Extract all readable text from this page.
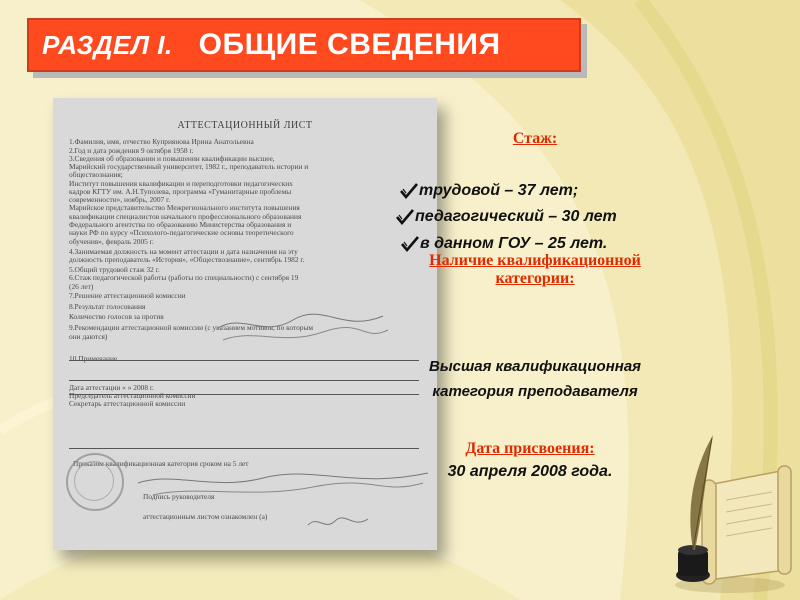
РАЗДЕЛ I. ОБЩИЕ СВЕДЕНИЯ
АТТЕСТАЦИОННЫЙ ЛИСТ
1.Фамилия, имя, отчество Куприянова Ирина Анатольевна
2.Год и дата рождения 9 октября 1958 г.
3.Сведения об образовании и повышении квалификации высшее,
Марийский государственный университет, 1982 г., преподаватель истории и
обществознания;
Институт повышения квалификации и переподготовки педагогических
кадров КГТУ им. А.Н.Туполева, программа «Гуманитарные проблемы
современности», ноябрь, 2007 г.
Марийское представительство Межрегионального института повышения
квалификации специалистов начального профессионального образования
Федерального агентства по образованию Министерства образования и
науки РФ по курсу «Психолого-педагогические основы теоретического
обучения», февраль 2005 г.
4.Занимаемая должность на момент аттестации и дата назначения на эту
должность преподаватель «История», «Обществознание», сентябрь 1982 г.
5.Общий трудовой стаж 32 г.
6.Стаж педагогической работы (работы по специальности) с сентября 19
(26 лет)
7.Решение аттестационной комиссии
8.Результат голосования
Количество голосов за против
9.Рекомендации аттестационной комиссии (с указанием мотивов, по которым
они даются)
10.Примечание
Дата аттестации « » 2008 г.
Председатель аттестационной комиссии
Секретарь аттестационной комиссии
Приказом квалификационная категория сроком на 5 лет
Подпись руководителя
аттестационным листом ознакомлен (а)
Стаж:
трудовой – 37 лет;
педагогический – 30 лет
в данном ГОУ – 25 лет.
Наличие квалификационной
категории:
Высшая квалификационная
категория преподавателя
Дата присвоения:
30 апреля 2008 года.
